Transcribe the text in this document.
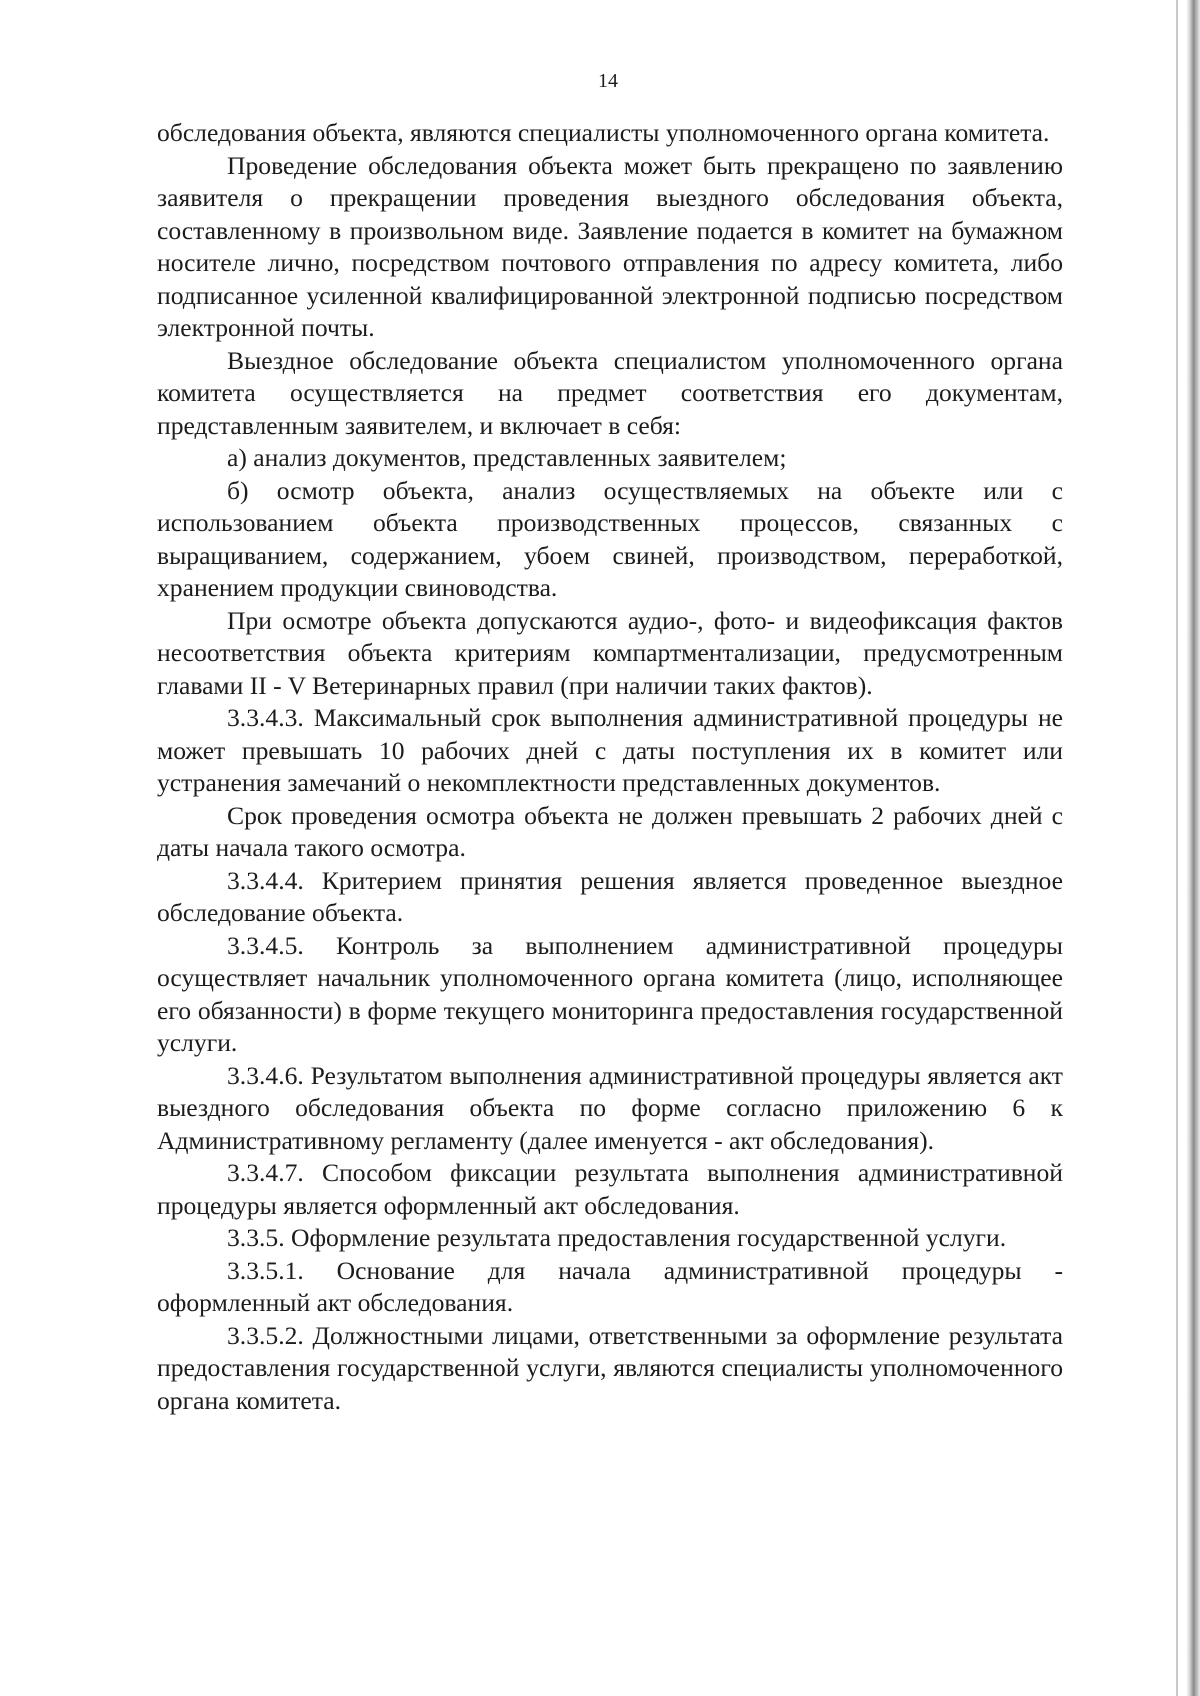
14

обследования объекта, являются специалисты уполномоченного органа комитета.

Проведение обследования объекта может быть прекращено по заявлению заявителя о прекращении проведения выездного обследования объекта, составленному в произвольном виде. Заявление подается в комитет на бумажном носителе лично, посредством почтового отправления по адресу комитета, либо подписанное усиленной квалифицированной электронной подписью посредством электронной почты.

Выездное обследование объекта специалистом уполномоченного органа комитета осуществляется на предмет соответствия его документам, представленным заявителем, и включает в себя:

а) анализ документов, представленных заявителем;

б) осмотр объекта, анализ осуществляемых на объекте или с использованием объекта производственных процессов, связанных с выращиванием, содержанием, убоем свиней, производством, переработкой, хранением продукции свиноводства.

При осмотре объекта допускаются аудио-, фото- и видеофиксация фактов несоответствия объекта критериям компартментализации, предусмотренным главами II - V Ветеринарных правил (при наличии таких фактов).

3.3.4.3. Максимальный срок выполнения административной процедуры не может превышать 10 рабочих дней с даты поступления их в комитет или устранения замечаний о некомплектности представленных документов.

Срок проведения осмотра объекта не должен превышать 2 рабочих дней с даты начала такого осмотра.

3.3.4.4. Критерием принятия решения является проведенное выездное обследование объекта.

3.3.4.5. Контроль за выполнением административной процедуры осуществляет начальник уполномоченного органа комитета (лицо, исполняющее его обязанности) в форме текущего мониторинга предоставления государственной услуги.

3.3.4.6. Результатом выполнения административной процедуры является акт выездного обследования объекта по форме согласно приложению 6 к Административному регламенту (далее именуется - акт обследования).

3.3.4.7. Способом фиксации результата выполнения административной процедуры является оформленный акт обследования.

3.3.5. Оформление результата предоставления государственной услуги.

3.3.5.1. Основание для начала административной процедуры - оформленный акт обследования.

3.3.5.2. Должностными лицами, ответственными за оформление результата предоставления государственной услуги, являются специалисты уполномоченного органа комитета.
